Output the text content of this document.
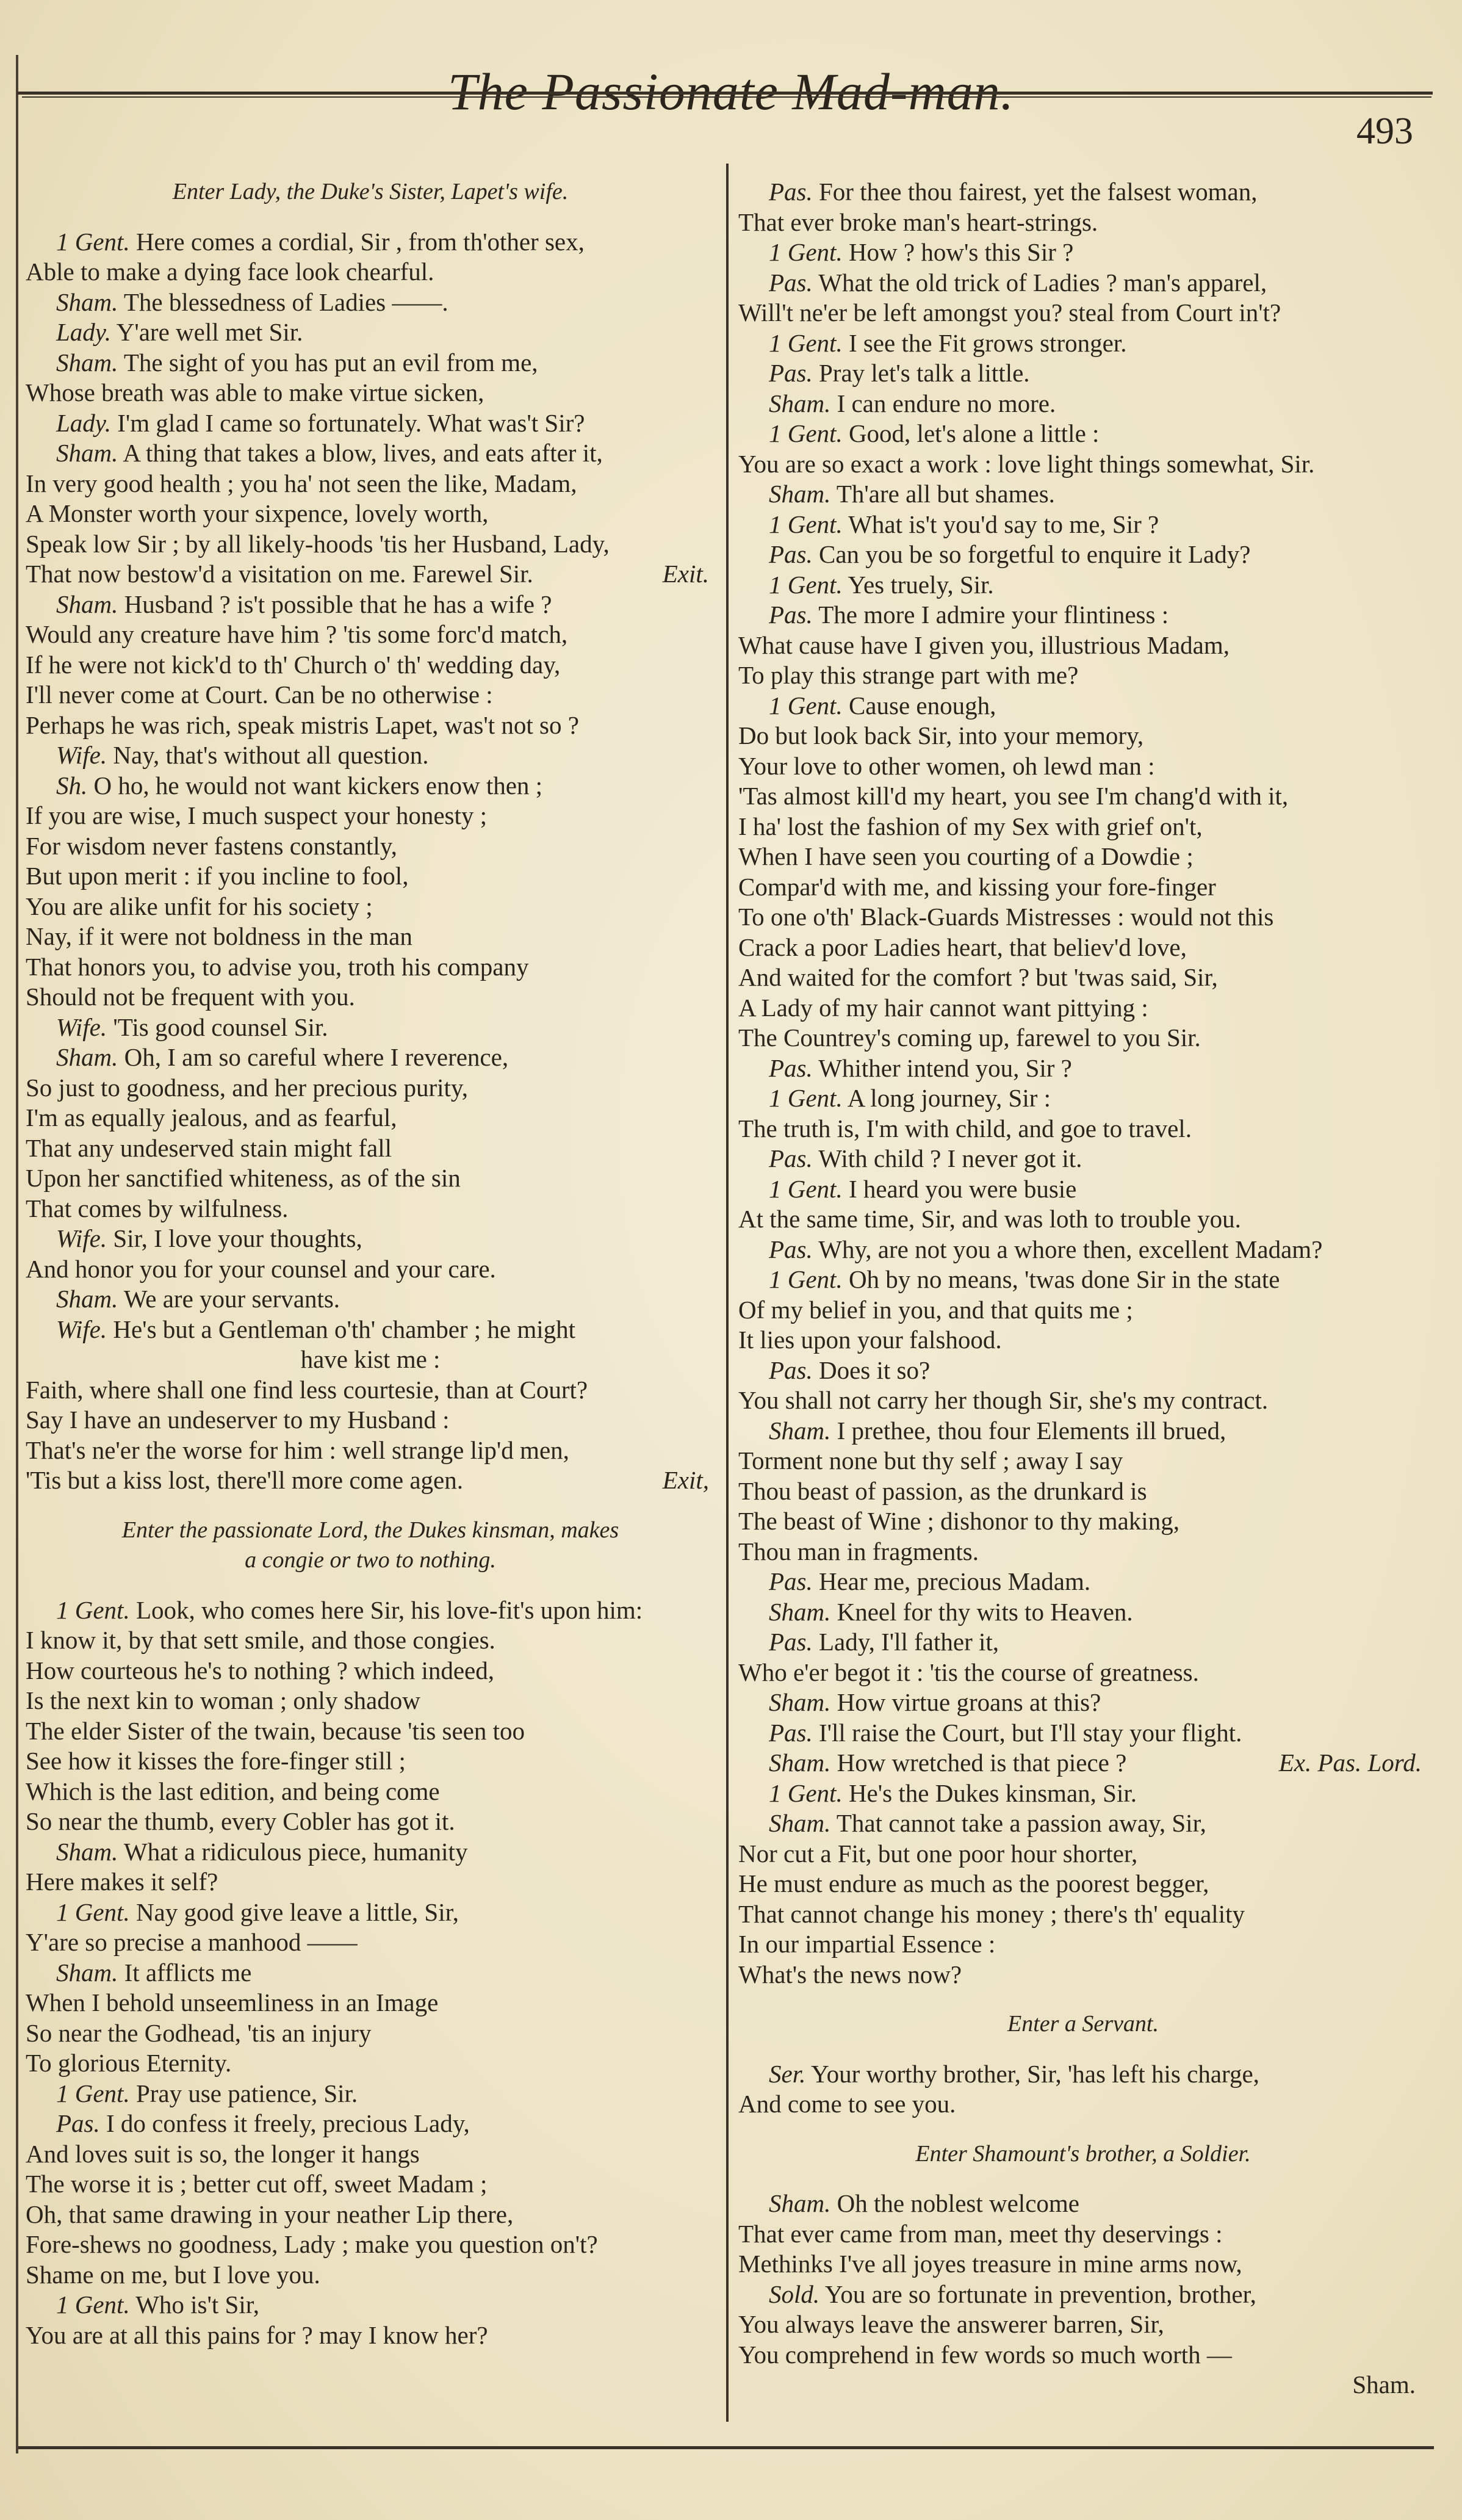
The Passionate Mad-man.
493
Enter Lady, the Duke's Sister, Lapet's wife.
1 Gent. Here comes a cordial, Sir , from th'other sex,
Able to make a dying face look chearful.
Sham. The blessedness of Ladies ——.
Lady. Y'are well met Sir.
Sham. The sight of you has put an evil from me,
Whose breath was able to make virtue sicken,
Lady. I'm glad I came so fortunately. What was't Sir?
Sham. A thing that takes a blow, lives, and eats after it,
In very good health ; you ha' not seen the like, Madam,
A Monster worth your sixpence, lovely worth,
Speak low Sir ; by all likely-hoods 'tis her Husband, Lady,
Exit.
That now bestow'd a visitation on me. Farewel Sir.
Sham. Husband ? is't possible that he has a wife ?
Would any creature have him ? 'tis some forc'd match,
If he were not kick'd to th' Church o' th' wedding day,
I'll never come at Court. Can be no otherwise :
Perhaps he was rich, speak mistris Lapet, was't not so ?
Wife. Nay, that's without all question.
Sh. O ho, he would not want kickers enow then ;
If you are wise, I much suspect your honesty ;
For wisdom never fastens constantly,
But upon merit : if you incline to fool,
You are alike unfit for his society ;
Nay, if it were not boldness in the man
That honors you, to advise you, troth his company
Should not be frequent with you.
Wife. 'Tis good counsel Sir.
Sham. Oh, I am so careful where I reverence,
So just to goodness, and her precious purity,
I'm as equally jealous, and as fearful,
That any undeserved stain might fall
Upon her sanctified whiteness, as of the sin
That comes by wilfulness.
Wife. Sir, I love your thoughts,
And honor you for your counsel and your care.
Sham. We are your servants.
Wife. He's but a Gentleman o'th' chamber ; he might
have kist me :
Faith, where shall one find less courtesie, than at Court?
Say I have an undeserver to my Husband :
That's ne'er the worse for him : well strange lip'd men,
Exit,
'Tis but a kiss lost, there'll more come agen.
Enter the passionate Lord, the Dukes kinsman, makes
a congie or two to nothing.
1 Gent. Look, who comes here Sir, his love-fit's upon him:
I know it, by that sett smile, and those congies.
How courteous he's to nothing ? which indeed,
Is the next kin to woman ; only shadow
The elder Sister of the twain, because 'tis seen too
See how it kisses the fore-finger still ;
Which is the last edition, and being come
So near the thumb, every Cobler has got it.
Sham. What a ridiculous piece, humanity
Here makes it self?
1 Gent. Nay good give leave a little, Sir,
Y'are so precise a manhood ——
Sham. It afflicts me
When I behold unseemliness in an Image
So near the Godhead, 'tis an injury
To glorious Eternity.
1 Gent. Pray use patience, Sir.
Pas. I do confess it freely, precious Lady,
And loves suit is so, the longer it hangs
The worse it is ; better cut off, sweet Madam ;
Oh, that same drawing in your neather Lip there,
Fore-shews no goodness, Lady ; make you question on't?
Shame on me, but I love you.
1 Gent. Who is't Sir,
You are at all this pains for ? may I know her?
Pas. For thee thou fairest, yet the falsest woman,
That ever broke man's heart-strings.
1 Gent. How ? how's this Sir ?
Pas. What the old trick of Ladies ? man's apparel,
Will't ne'er be left amongst you? steal from Court in't?
1 Gent. I see the Fit grows stronger.
Pas. Pray let's talk a little.
Sham. I can endure no more.
1 Gent. Good, let's alone a little :
You are so exact a work : love light things somewhat, Sir.
Sham. Th'are all but shames.
1 Gent. What is't you'd say to me, Sir ?
Pas. Can you be so forgetful to enquire it Lady?
1 Gent. Yes truely, Sir.
Pas. The more I admire your flintiness :
What cause have I given you, illustrious Madam,
To play this strange part with me?
1 Gent. Cause enough,
Do but look back Sir, into your memory,
Your love to other women, oh lewd man :
'Tas almost kill'd my heart, you see I'm chang'd with it,
I ha' lost the fashion of my Sex with grief on't,
When I have seen you courting of a Dowdie ;
Compar'd with me, and kissing your fore-finger
To one o'th' Black-Guards Mistresses : would not this
Crack a poor Ladies heart, that believ'd love,
And waited for the comfort ? but 'twas said, Sir,
A Lady of my hair cannot want pittying :
The Countrey's coming up, farewel to you Sir.
Pas. Whither intend you, Sir ?
1 Gent. A long journey, Sir :
The truth is, I'm with child, and goe to travel.
Pas. With child ? I never got it.
1 Gent. I heard you were busie
At the same time, Sir, and was loth to trouble you.
Pas. Why, are not you a whore then, excellent Madam?
1 Gent. Oh by no means, 'twas done Sir in the state
Of my belief in you, and that quits me ;
It lies upon your falshood.
Pas. Does it so?
You shall not carry her though Sir, she's my contract.
Sham. I prethee, thou four Elements ill brued,
Torment none but thy self ; away I say
Thou beast of passion, as the drunkard is
The beast of Wine ; dishonor to thy making,
Thou man in fragments.
Pas. Hear me, precious Madam.
Sham. Kneel for thy wits to Heaven.
Pas. Lady, I'll father it,
Who e'er begot it : 'tis the course of greatness.
Sham. How virtue groans at this?
Pas. I'll raise the Court, but I'll stay your flight.
Ex. Pas. Lord.
Sham. How wretched is that piece ?
1 Gent. He's the Dukes kinsman, Sir.
Sham. That cannot take a passion away, Sir,
Nor cut a Fit, but one poor hour shorter,
He must endure as much as the poorest begger,
That cannot change his money ; there's th' equality
In our impartial Essence :
What's the news now?
Enter a Servant.
Ser. Your worthy brother, Sir, 'has left his charge,
And come to see you.
Enter Shamount's brother, a Soldier.
Sham. Oh the noblest welcome
That ever came from man, meet thy deservings :
Methinks I've all joyes treasure in mine arms now,
Sold. You are so fortunate in prevention, brother,
You always leave the answerer barren, Sir,
You comprehend in few words so much worth —
Sham.
